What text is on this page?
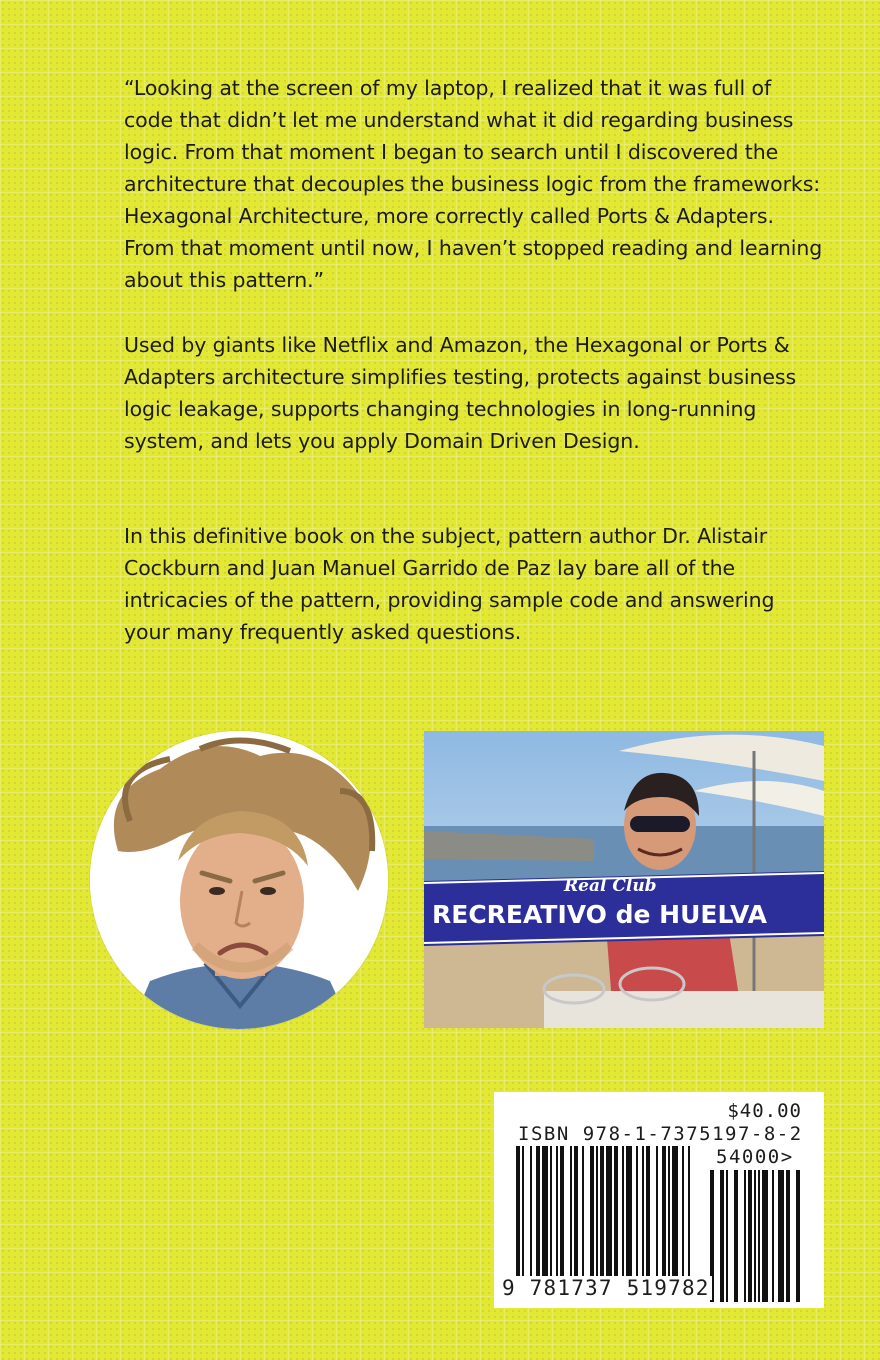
“Looking at the screen of my laptop, I realized that it was full of code that didn’t let me understand what it did regarding business logic. From that moment I began to search until I discovered the architecture that decouples the business logic from the frameworks: Hexagonal Architecture, more correctly called Ports & Adapters. From that moment until now, I haven’t stopped reading and learning about this pattern.”

Used by giants like Netflix and Amazon, the Hexagonal or Ports & Adapters architecture simplifies testing, protects against business logic leakage, supports changing technologies in long-running system, and lets you apply Domain Driven Design.

In this definitive book on the subject, pattern author Dr. Alistair Cockburn and Juan Manuel Garrido de Paz lay bare all of the intricacies of the pattern, providing sample code and answering your many frequently asked questions.

Real Club
RECREATIVO de HUELVA
$40.00
ISBN 978-1-7375197-8-2
54000>
9 781737 519782
